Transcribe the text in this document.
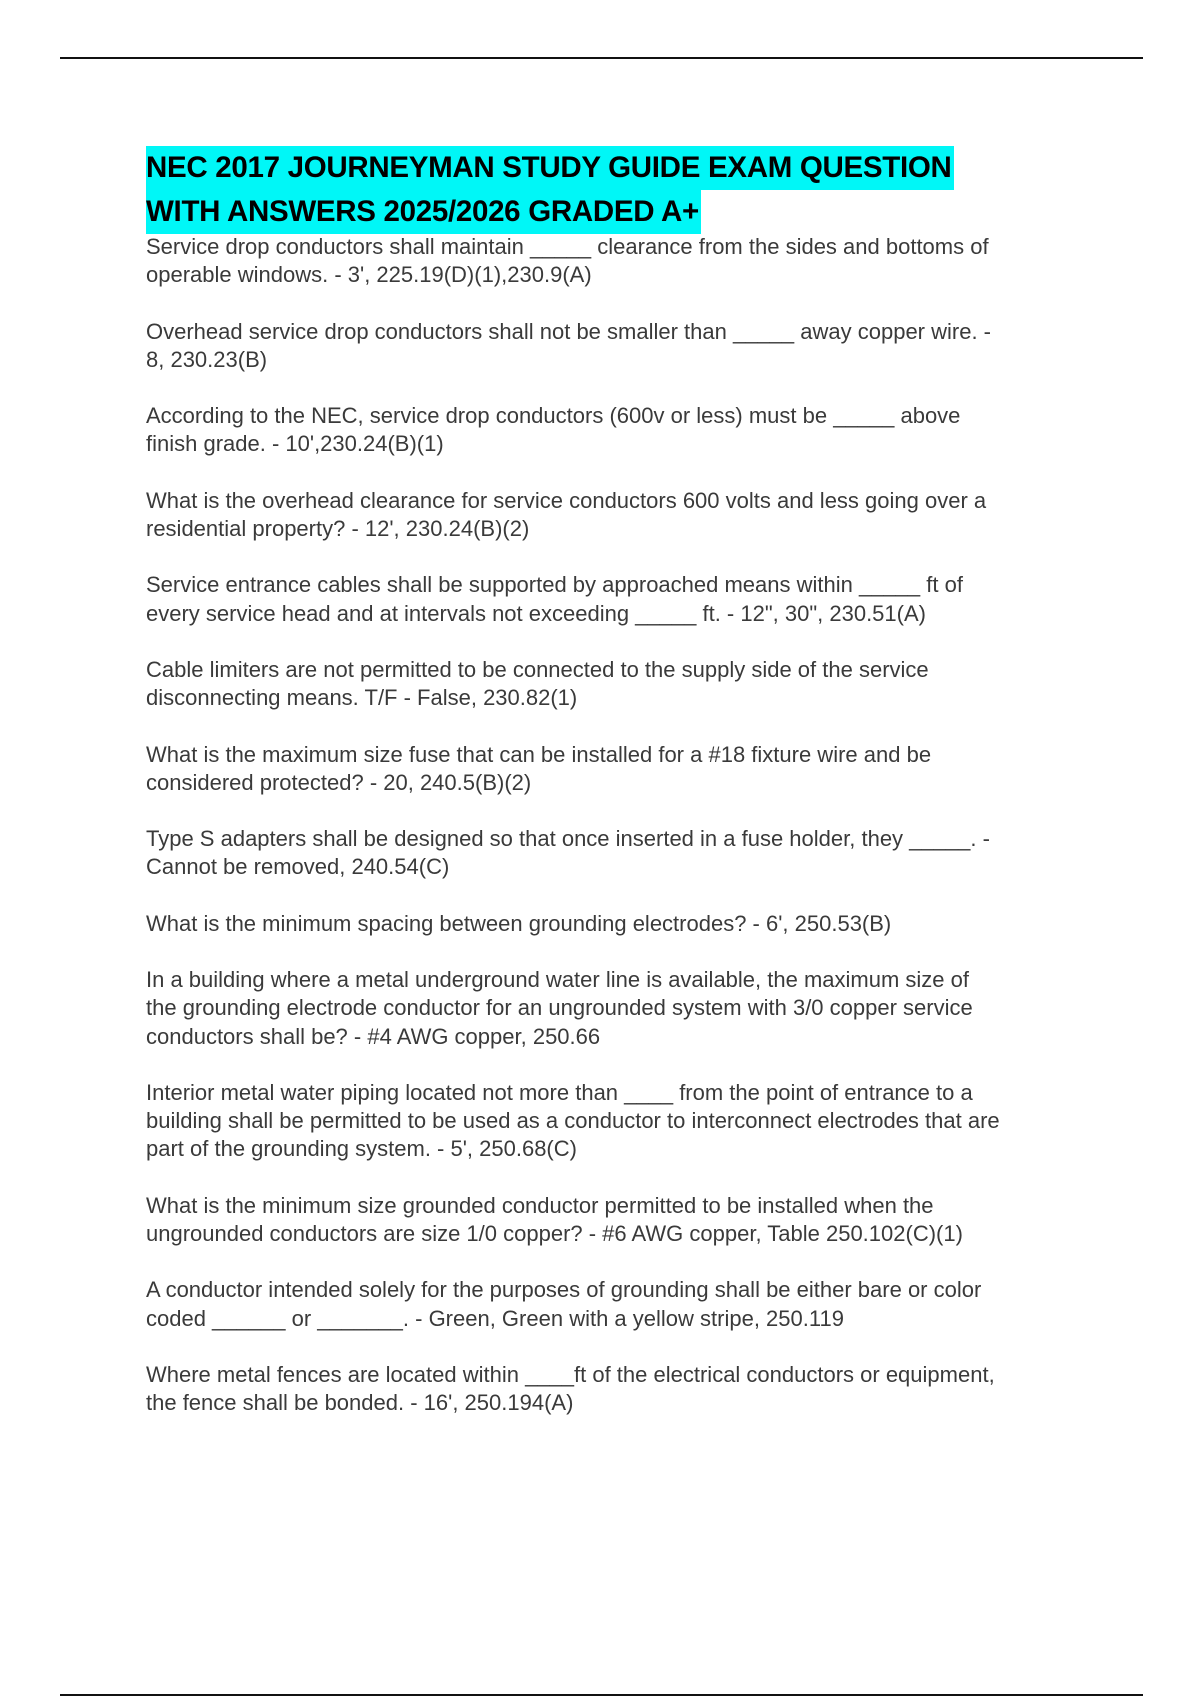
NEC 2017 JOURNEYMAN STUDY GUIDE EXAM QUESTION
WITH ANSWERS 2025/2026 GRADED A+
Service drop conductors shall maintain _____ clearance from the sides and bottoms of
operable windows. - 3', 225.19(D)(1),230.9(A)
Overhead service drop conductors shall not be smaller than _____ away copper wire. -
8, 230.23(B)
According to the NEC, service drop conductors (600v or less) must be _____ above
finish grade. - 10',230.24(B)(1)
What is the overhead clearance for service conductors 600 volts and less going over a
residential property? - 12', 230.24(B)(2)
Service entrance cables shall be supported by approached means within _____ ft of
every service head and at intervals not exceeding _____ ft. - 12", 30", 230.51(A)
Cable limiters are not permitted to be connected to the supply side of the service
disconnecting means. T/F - False, 230.82(1)
What is the maximum size fuse that can be installed for a #18 fixture wire and be
considered protected? - 20, 240.5(B)(2)
Type S adapters shall be designed so that once inserted in a fuse holder, they _____. -
Cannot be removed, 240.54(C)
What is the minimum spacing between grounding electrodes? - 6', 250.53(B)
In a building where a metal underground water line is available, the maximum size of
the grounding electrode conductor for an ungrounded system with 3/0 copper service
conductors shall be? - #4 AWG copper, 250.66
Interior metal water piping located not more than ____ from the point of entrance to a
building shall be permitted to be used as a conductor to interconnect electrodes that are
part of the grounding system. - 5', 250.68(C)
What is the minimum size grounded conductor permitted to be installed when the
ungrounded conductors are size 1/0 copper? - #6 AWG copper, Table 250.102(C)(1)
A conductor intended solely for the purposes of grounding shall be either bare or color
coded ______ or _______. - Green, Green with a yellow stripe, 250.119
Where metal fences are located within ____ft of the electrical conductors or equipment,
the fence shall be bonded. - 16', 250.194(A)
